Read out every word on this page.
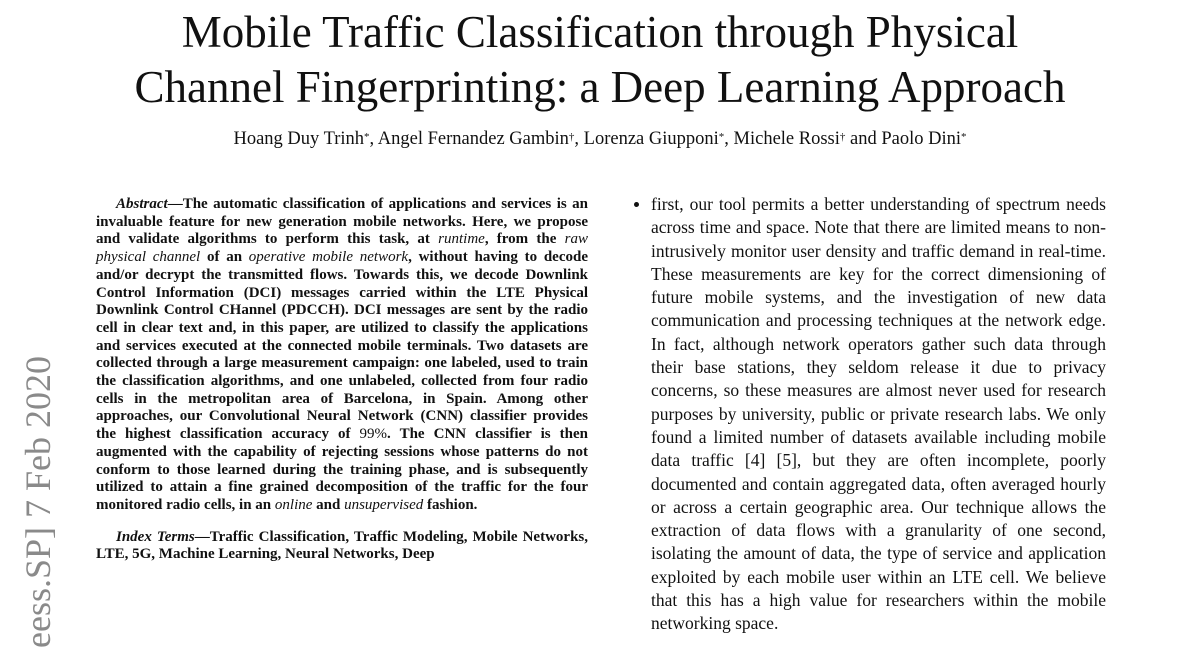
Mobile Traffic Classification through Physical
Channel Fingerprinting: a Deep Learning Approach
Hoang Duy Trinh*, Angel Fernandez Gambin†, Lorenza Giupponi*, Michele Rossi† and Paolo Dini*
eess.SP] 7 Feb 2020

Abstract—The automatic classification of applications and services is an invaluable feature for new generation mobile networks. Here, we propose and validate algorithms to perform this task, at runtime, from the raw physical channel of an operative mobile network, without having to decode and/or decrypt the transmitted flows. Towards this, we decode Downlink Control Information (DCI) messages carried within the LTE Physical Downlink Control CHannel (PDCCH). DCI messages are sent by the radio cell in clear text and, in this paper, are utilized to classify the applications and services executed at the connected mobile terminals. Two datasets are collected through a large measurement campaign: one labeled, used to train the classification algorithms, and one unlabeled, collected from four radio cells in the metropolitan area of Barcelona, in Spain. Among other approaches, our Convolutional Neural Network (CNN) classifier provides the highest classification accuracy of 99%. The CNN classifier is then augmented with the capability of rejecting sessions whose patterns do not conform to those learned during the training phase, and is subsequently utilized to attain a fine grained decomposition of the traffic for the four monitored radio cells, in an online and unsupervised fashion.

Index Terms—Traffic Classification, Traffic Modeling, Mobile Networks, LTE, 5G, Machine Learning, Neural Networks, Deep

first, our tool permits a better understanding of spectrum needs across time and space. Note that there are limited means to non-intrusively monitor user density and traffic demand in real-time. These measurements are key for the correct dimensioning of future mobile systems, and the investigation of new data communication and processing techniques at the network edge. In fact, although network operators gather such data through their base stations, they seldom release it due to privacy concerns, so these measures are almost never used for research purposes by university, public or private research labs. We only found a limited number of datasets available including mobile data traffic [4] [5], but they are often incomplete, poorly documented and contain aggregated data, often averaged hourly or across a certain geographic area. Our technique allows the extraction of data flows with a granularity of one second, isolating the amount of data, the type of service and application exploited by each mobile user within an LTE cell. We believe that this has a high value for researchers within the mobile networking space.
